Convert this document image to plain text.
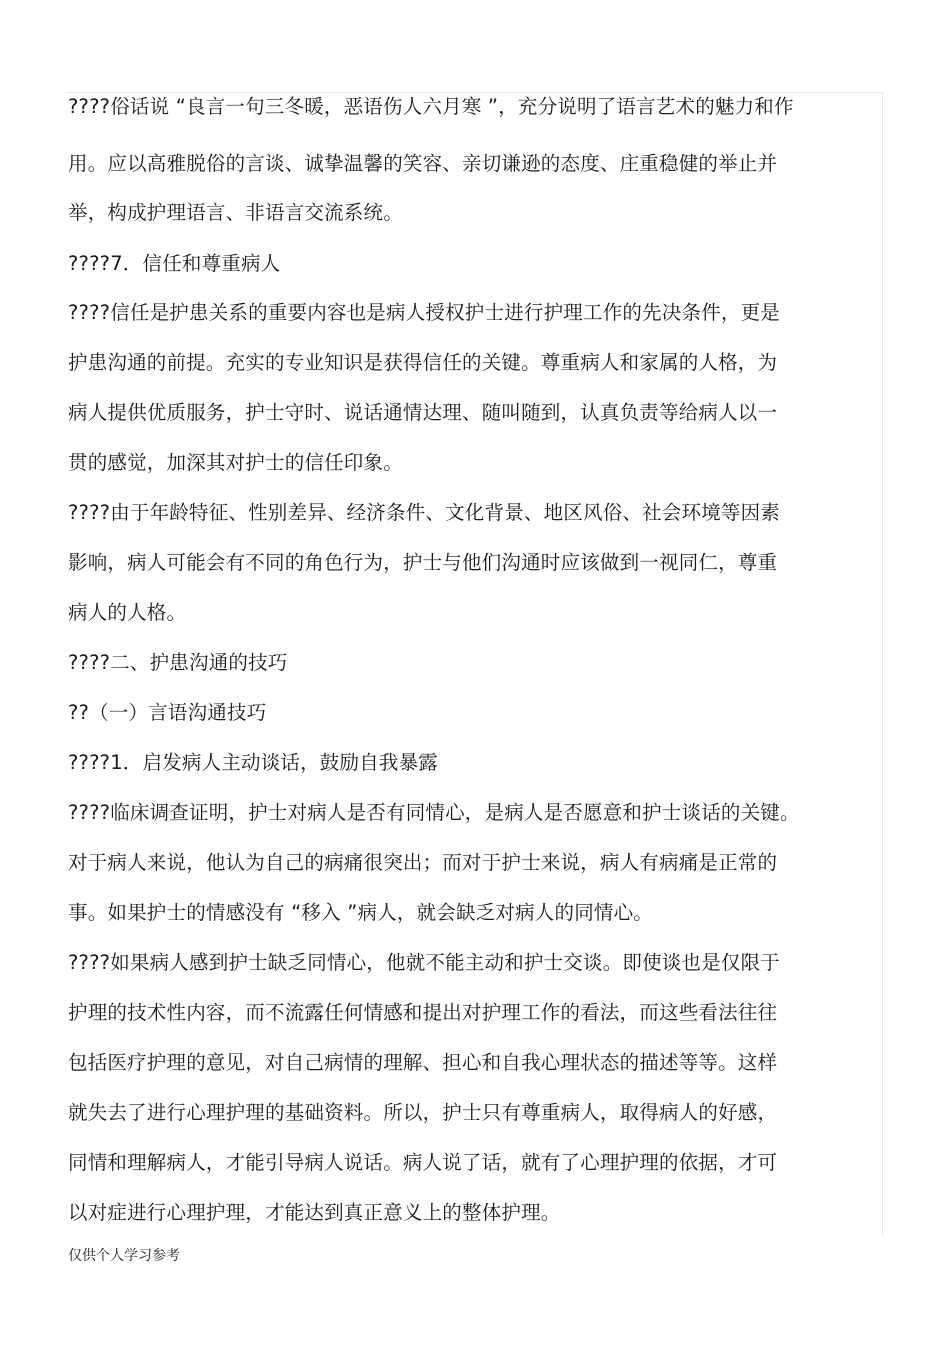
????俗话说 “良言一句三冬暖，恶语伤人六月寒 ”，充分说明了语言艺术的魅力和作
用。应以高雅脱俗的言谈、诚挚温馨的笑容、亲切谦逊的态度、庄重稳健的举止并
举，构成护理语言、非语言交流系统。
????7．信任和尊重病人
????信任是护患关系的重要内容也是病人授权护士进行护理工作的先决条件，更是
护患沟通的前提。充实的专业知识是获得信任的关键。尊重病人和家属的人格，为
病人提供优质服务，护士守时、说话通情达理、随叫随到，认真负责等给病人以一
贯的感觉，加深其对护士的信任印象。
????由于年龄特征、性别差异、经济条件、文化背景、地区风俗、社会环境等因素
影响，病人可能会有不同的角色行为，护士与他们沟通时应该做到一视同仁，尊重
病人的人格。
????二、护患沟通的技巧
??（一）言语沟通技巧
????1．启发病人主动谈话，鼓励自我暴露
????临床调查证明，护士对病人是否有同情心，是病人是否愿意和护士谈话的关键。
对于病人来说，他认为自己的病痛很突出；而对于护士来说，病人有病痛是正常的
事。如果护士的情感没有 “移入 ”病人，就会缺乏对病人的同情心。
????如果病人感到护士缺乏同情心，他就不能主动和护士交谈。即使谈也是仅限于
护理的技术性内容，而不流露任何情感和提出对护理工作的看法，而这些看法往往
包括医疗护理的意见，对自己病情的理解、担心和自我心理状态的描述等等。这样
就失去了进行心理护理的基础资料。所以，护士只有尊重病人，取得病人的好感，
同情和理解病人，才能引导病人说话。病人说了话，就有了心理护理的依据，才可
以对症进行心理护理，才能达到真正意义上的整体护理。
仅供个人学习参考
